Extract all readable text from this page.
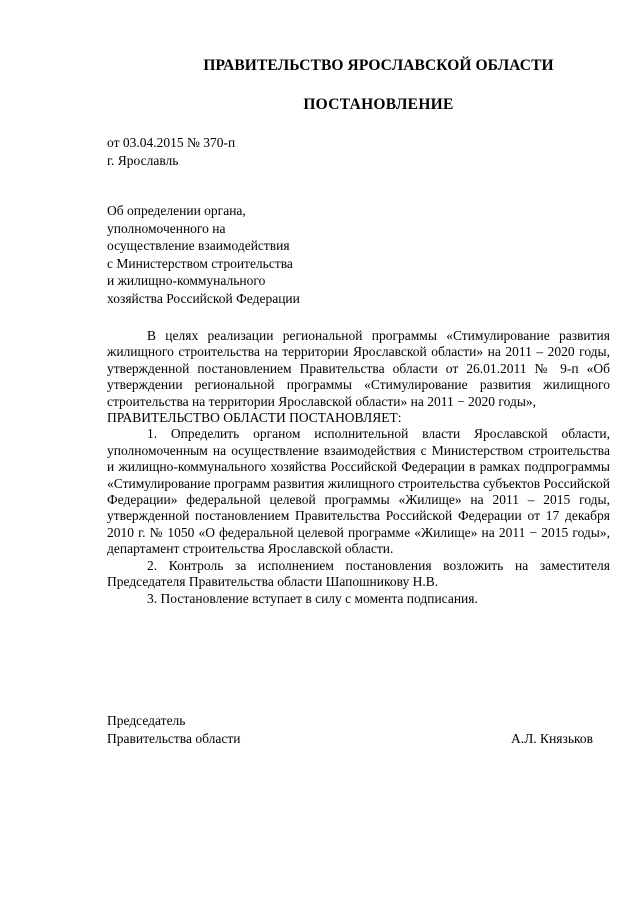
ПРАВИТЕЛЬСТВО ЯРОСЛАВСКОЙ ОБЛАСТИ
ПОСТАНОВЛЕНИЕ
от 03.04.2015 № 370-п
г. Ярославль
Об определении органа,
уполномоченного на
осуществление взаимодействия
с Министерством строительства
и жилищно-коммунального
хозяйства Российской Федерации

В целях реализации региональной программы «Стимулирование развития жилищного строительства на территории Ярославской области» на 2011 – 2020 годы, утвержденной постановлением Правительства области от 26.01.2011 № 9-п «Об утверждении региональной программы «Стимулирование развития жилищного строительства на территории Ярославской области» на 2011 − 2020 годы»,

ПРАВИТЕЛЬСТВО ОБЛАСТИ ПОСТАНОВЛЯЕТ:

1. Определить органом исполнительной власти Ярославской области, уполномоченным на осуществление взаимодействия с Министерством строительства и жилищно-коммунального хозяйства Российской Федерации в рамках подпрограммы «Стимулирование программ развития жилищного строительства субъектов Российской Федерации» федеральной целевой программы «Жилище» на 2011 – 2015 годы, утвержденной постановлением Правительства Российской Федерации от 17 декабря 2010 г. № 1050 «О федеральной целевой программе «Жилище» на 2011 − 2015 годы», департамент строительства Ярославской области.

2. Контроль за исполнением постановления возложить на заместителя Председателя Правительства области Шапошникову Н.В.

3. Постановление вступает в силу с момента подписания.

Председатель
Правительства области	А.Л. Князьков
